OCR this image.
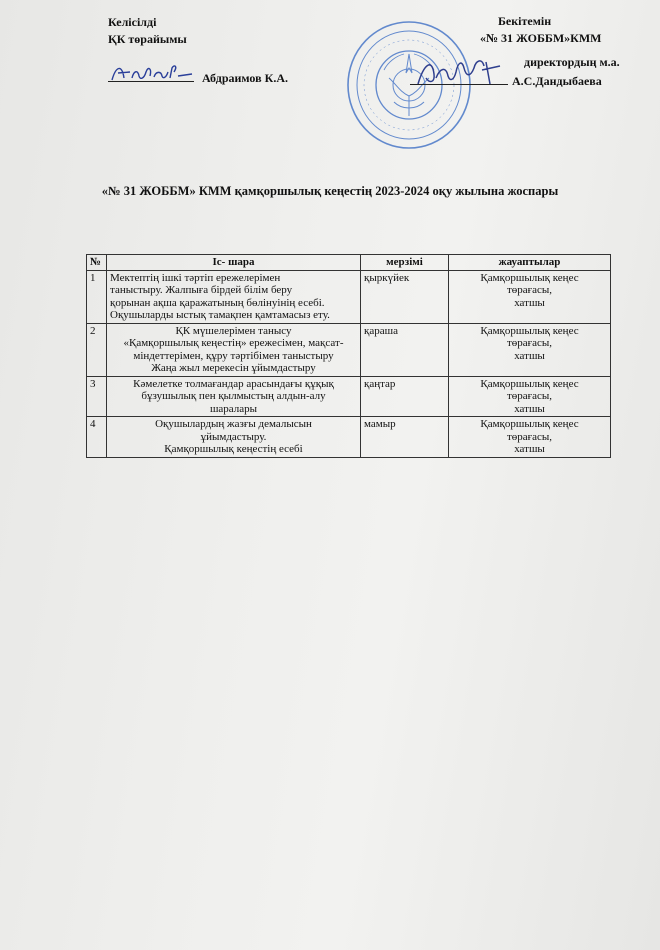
Келісілді
ҚК төрайымы
Абдраимов К.А.
Бекітемін
«№ 31 ЖОББМ»КММ
директордың м.а.
А.С.Дандыбаева
«№ 31 ЖОББМ» КММ қамқоршылық кеңестің 2023-2024 оқу жылына жоспары
№	Іс- шара	мерзімі	жауаптылар
1	Мектептің ішкі тәртіп ережелерімен
таныстыру. Жалпыға бірдей білім беру
қорынан ақша қаражатының бөлінуінің есебі.
Оқушыларды ыстық тамақпен қамтамасыз ету.	қыркүйек	Қамқоршылық кеңес
төрағасы,
хатшы

2	ҚК мүшелерімен танысу
«Қамқоршылық кеңестің» ережесімен, мақсат-
міндеттерімен, құру тәртібімен таныстыру
Жаңа жыл мерекесін ұйымдастыру	қараша	Қамқоршылық кеңес
төрағасы,
хатшы

3	Кәмелетке толмағандар арасындағы құқық
бұзушылық пен қылмыстың алдын-алу
шаралары	қаңтар	Қамқоршылық кеңес
төрағасы,
хатшы

4	Оқушылардың жазғы демалысын
ұйымдастыру.
Қамқоршылық кеңестің есебі	мамыр	Қамқоршылық кеңес
төрағасы,
хатшы
